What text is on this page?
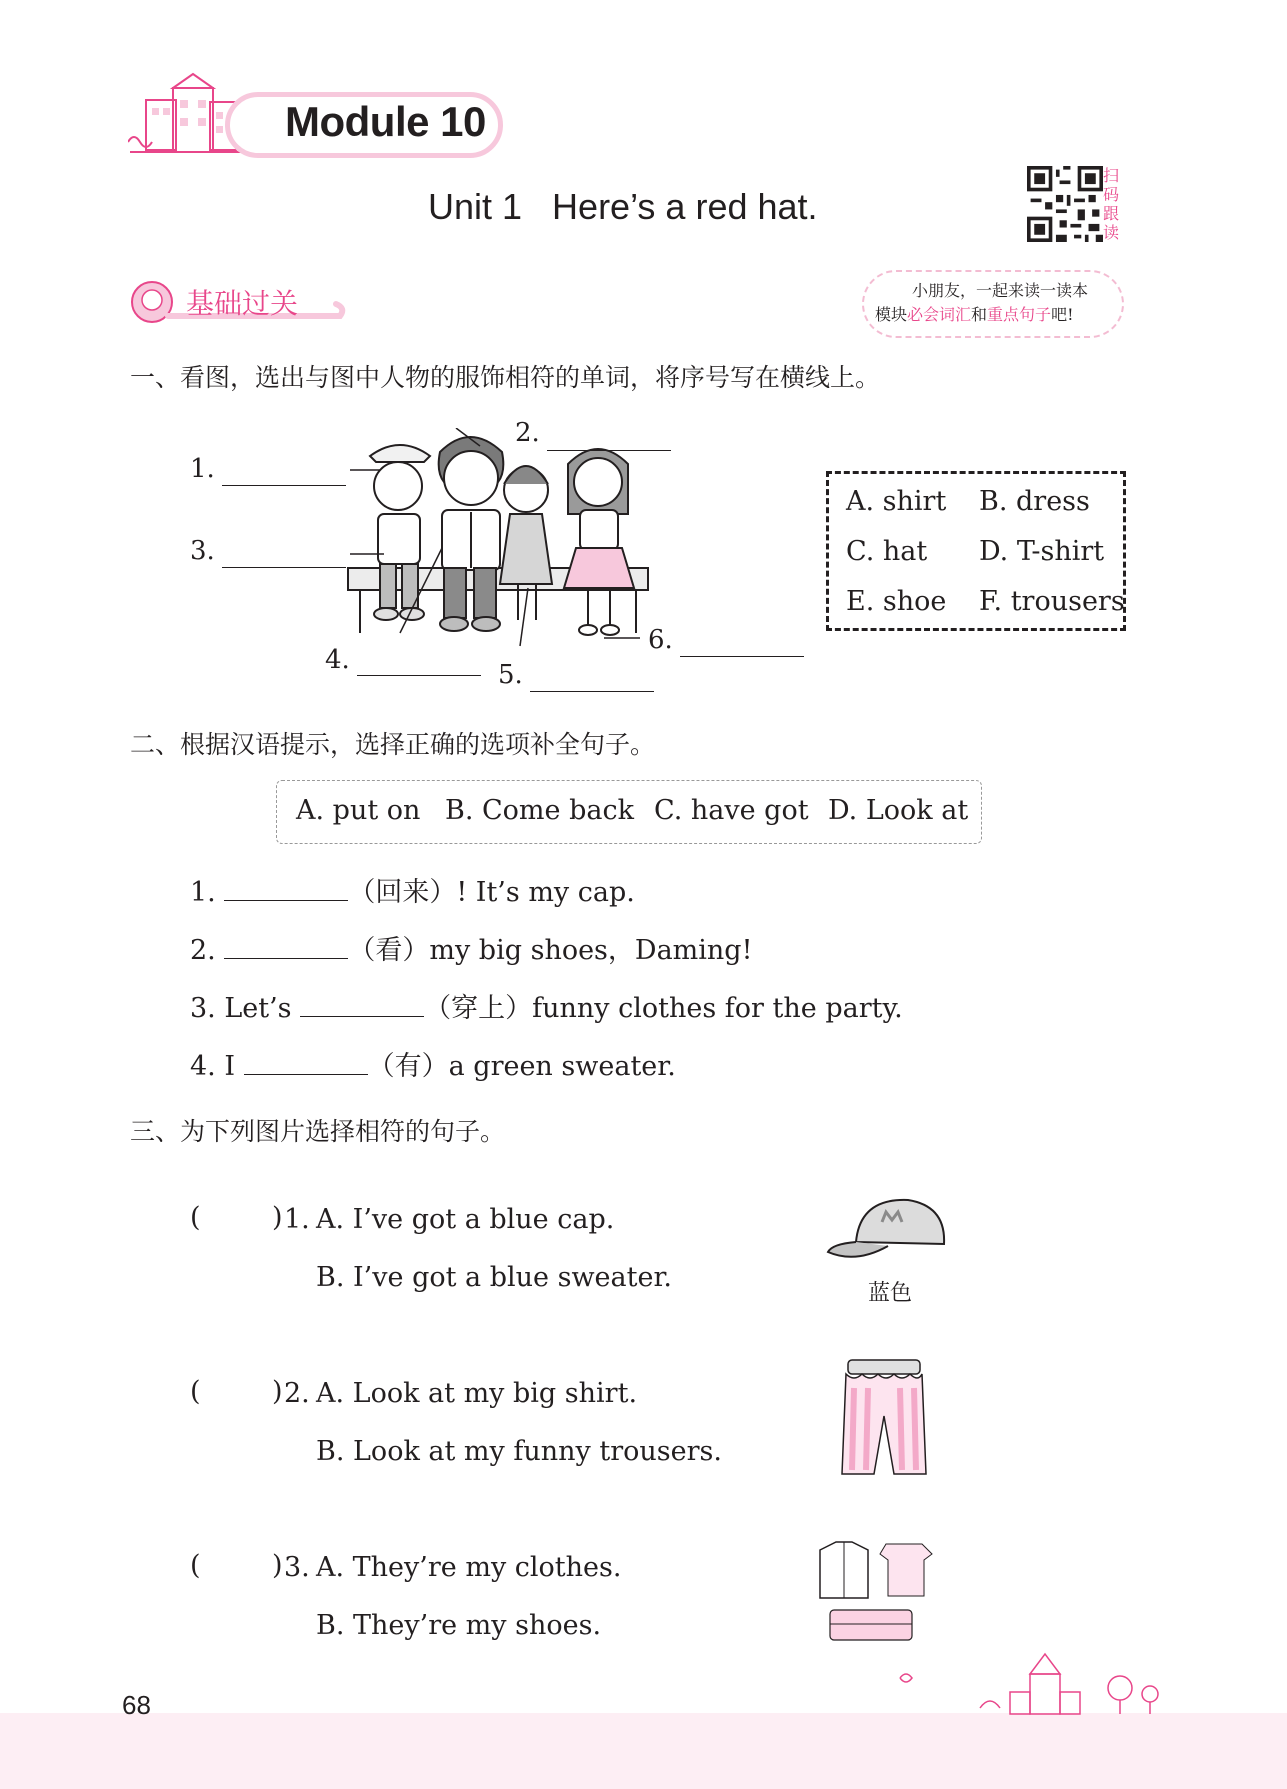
Module 10
Unit 1   Here’s a red hat.
扫码跟读
基础过关	小朋友，一起来读一读本
模块必会词汇和重点句子吧!
一、看图，选出与图中人物的服饰相符的单词，将序号写在横线上。
1.
2.
3.
4.	5.
6.
A. shirt B. dress
C. hat D. T-shirt
E. shoe F. trousers
二、根据汉语提示，选择正确的选项补全句子。
A. put on B. Come back C. have got D. Look at
1.	（回来）! It’s my cap.
2.	（看）my big shoes，Daming!
3. Let’s	（穿上）funny clothes for the party.
4. I	（有）a green sweater.
三、为下列图片选择相符的句子。
(	) 1. A. I’ve got a blue cap.
B. I’ve got a blue sweater.
蓝色
(	) 2. A. Look at my big shirt.
B. Look at my funny trousers.
(	) 3. A. They’re my clothes.
B. They’re my shoes.
68
